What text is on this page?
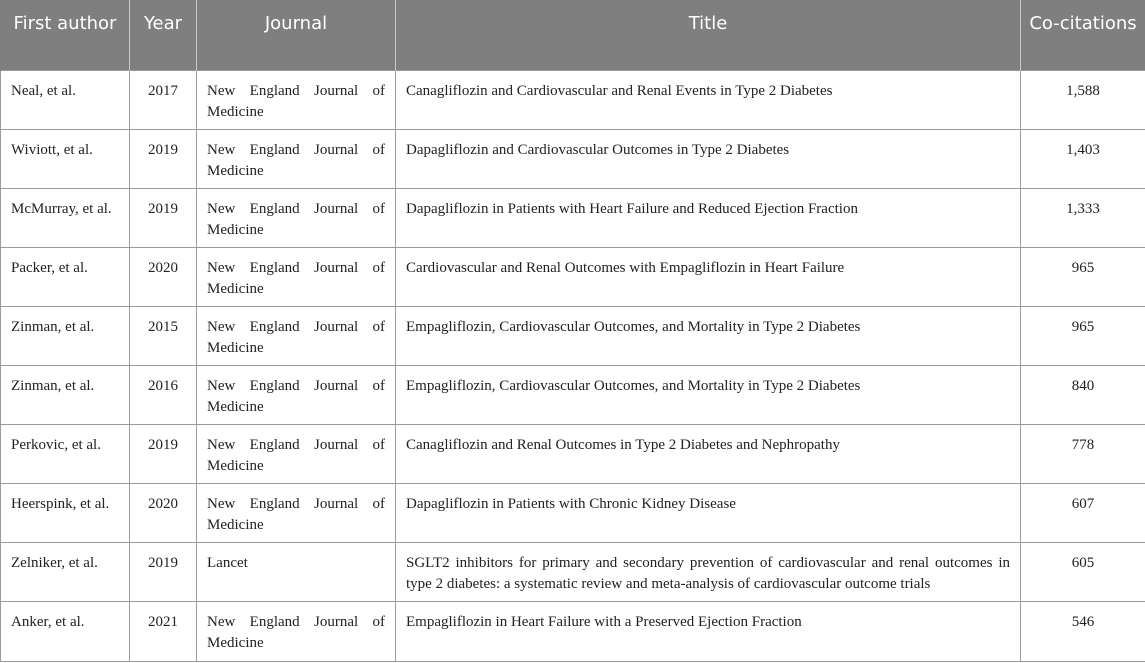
First author	Year	Journal	Title	Co-citations
Neal, et al.	2017	New England Journal of Medicine	Canagliflozin and Cardiovascular and Renal Events in Type 2 Diabetes	1,588
Wiviott, et al.	2019	New England Journal of Medicine	Dapagliflozin and Cardiovascular Outcomes in Type 2 Diabetes	1,403
McMurray, et al.	2019	New England Journal of Medicine	Dapagliflozin in Patients with Heart Failure and Reduced Ejection Fraction	1,333
Packer, et al.	2020	New England Journal of Medicine	Cardiovascular and Renal Outcomes with Empagliflozin in Heart Failure	965
Zinman, et al.	2015	New England Journal of Medicine	Empagliflozin, Cardiovascular Outcomes, and Mortality in Type 2 Diabetes	965
Zinman, et al.	2016	New England Journal of Medicine	Empagliflozin, Cardiovascular Outcomes, and Mortality in Type 2 Diabetes	840
Perkovic, et al.	2019	New England Journal of Medicine	Canagliflozin and Renal Outcomes in Type 2 Diabetes and Nephropathy	778
Heerspink, et al.	2020	New England Journal of Medicine	Dapagliflozin in Patients with Chronic Kidney Disease	607
Zelniker, et al.	2019	Lancet	SGLT2 inhibitors for primary and secondary prevention of cardiovascular and renal outcomes in type 2 diabetes: a systematic review and meta-analysis of cardiovascular outcome trials	605
Anker, et al.	2021	New England Journal of Medicine	Empagliflozin in Heart Failure with a Preserved Ejection Fraction	546
